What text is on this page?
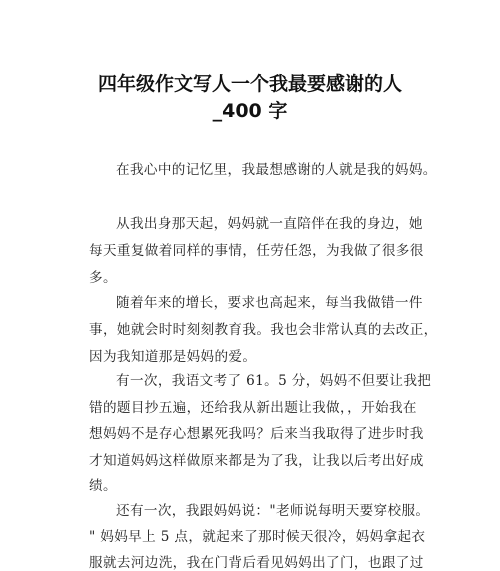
四年级作文写人一个我最要感谢的人
_400 字
在我心中的记忆里，我最想感谢的人就是我的妈妈。
从我出身那天起，妈妈就一直陪伴在我的身边，她
每天重复做着同样的事情，任劳任怨，为我做了很多很
多。
随着年来的增长，要求也高起来，每当我做错一件
事，她就会时时刻刻教育我。我也会非常认真的去改正，
因为我知道那是妈妈的爱。
有一次，我语文考了 61。5 分，妈妈不但要让我把
错的题目抄五遍，还给我从新出题让我做，，开始我在
想妈妈不是存心想累死我吗？后来当我取得了进步时我
才知道妈妈这样做原来都是为了我，让我以后考出好成
绩。
还有一次，我跟妈妈说："老师说每明天要穿校服。
" 妈妈早上 5 点，就起来了那时候天很冷，妈妈拿起衣
服就去河边洗，我在门背后看见妈妈出了门，也跟了过
